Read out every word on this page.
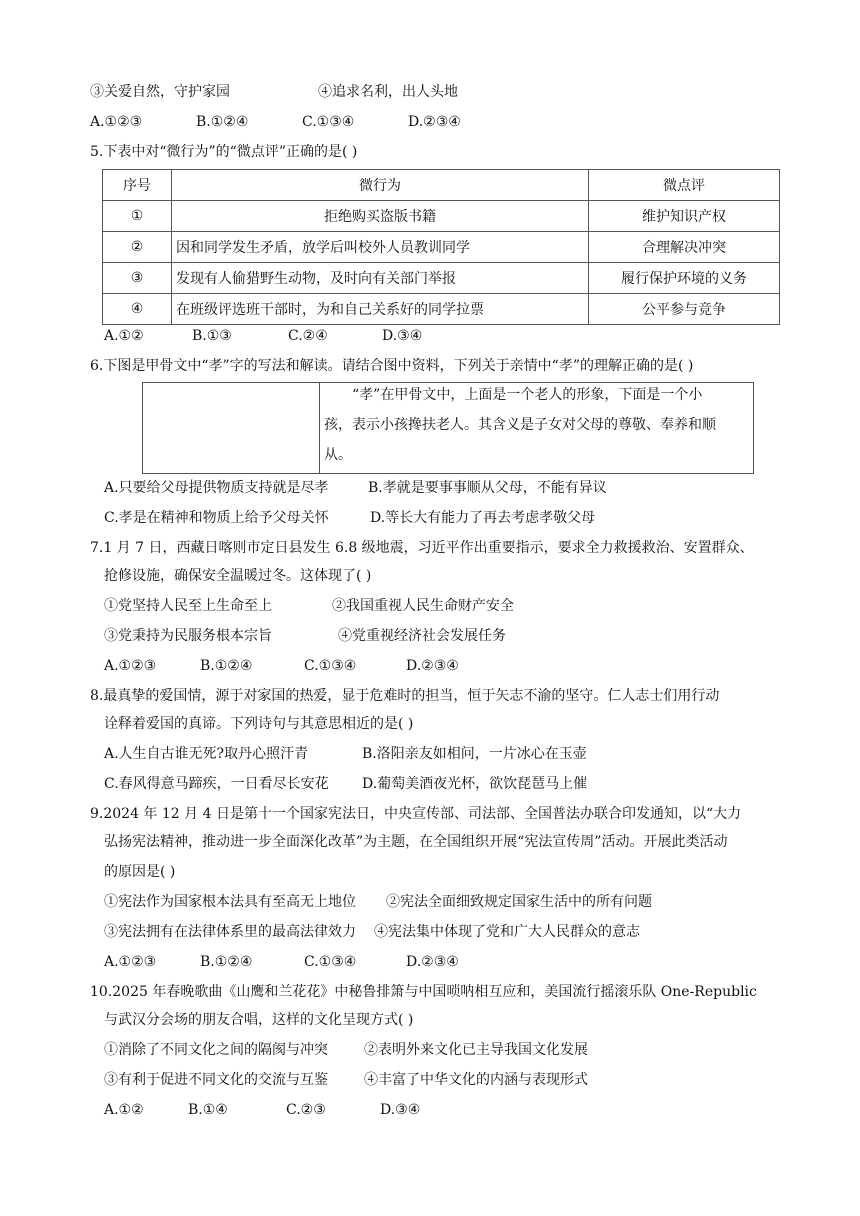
③关爱自然，守护家园	④追求名利，出人头地
A.①②③	B.①②④	C.①③④	D.②③④
5.下表中对“微行为”的“微点评”正确的是( )
序号	微行为	微点评
①	拒绝购买盗版书籍	维护知识产权
②	因和同学发生矛盾，放学后叫校外人员教训同学	合理解决冲突
③	发现有人偷猎野生动物，及时向有关部门举报	履行保护环境的义务
④	在班级评选班干部时，为和自己关系好的同学拉票	公平参与竞争
A.①②	B.①③	C.②④	D.③④
6.下图是甲骨文中“孝”字的写法和解读。请结合图中资料，下列关于亲情中“孝”的理解正确的是( )
“孝”在甲骨文中，上面是一个老人的形象，下面是一个小
孩，表示小孩搀扶老人。其含义是子女对父母的尊敬、奉养和顺
从。
A.只要给父母提供物质支持就是尽孝	B.孝就是要事事顺从父母，不能有异议
C.孝是在精神和物质上给予父母关怀	D.等长大有能力了再去考虑孝敬父母
7.1 月 7 日，西藏日喀则市定日县发生 6.8 级地震，习近平作出重要指示，要求全力救援救治、安置群众、
抢修设施，确保安全温暖过冬。这体现了( )
①党坚持人民至上生命至上	②我国重视人民生命财产安全
③党秉持为民服务根本宗旨	④党重视经济社会发展任务
A.①②③	B.①②④	C.①③④	D.②③④
8.最真挚的爱国情，源于对家国的热爱，显于危难时的担当，恒于矢志不渝的坚守。仁人志士们用行动
诠释着爱国的真谛。下列诗句与其意思相近的是( )
A.人生自古谁无死?取丹心照汗青	B.洛阳亲友如相问，一片冰心在玉壶
C.春风得意马蹄疾，一日看尽长安花 D.葡萄美酒夜光杯，欲饮琵琶马上催
9.2024 年 12 月 4 日是第十一个国家宪法日，中央宣传部、司法部、全国普法办联合印发通知，以“大力
弘扬宪法精神，推动进一步全面深化改革”为主题，在全国组织开展“宪法宣传周”活动。开展此类活动
的原因是( )
①宪法作为国家根本法具有至高无上地位 ②宪法全面细致规定国家生活中的所有问题
③宪法拥有在法律体系里的最高法律效力 ④宪法集中体现了党和广大人民群众的意志
A.①②③	B.①②④	C.①③④	D.②③④
10.2025 年春晚歌曲《山鹰和兰花花》中秘鲁排箫与中国唢呐相互应和，美国流行摇滚乐队 One-Republic
与武汉分会场的朋友合唱，这样的文化呈现方式( )
①消除了不同文化之间的隔阂与冲突	②表明外来文化已主导我国文化发展
③有利于促进不同文化的交流与互鉴	④丰富了中华文化的内涵与表现形式
A.①②	B.①④	C.②③	D.③④
